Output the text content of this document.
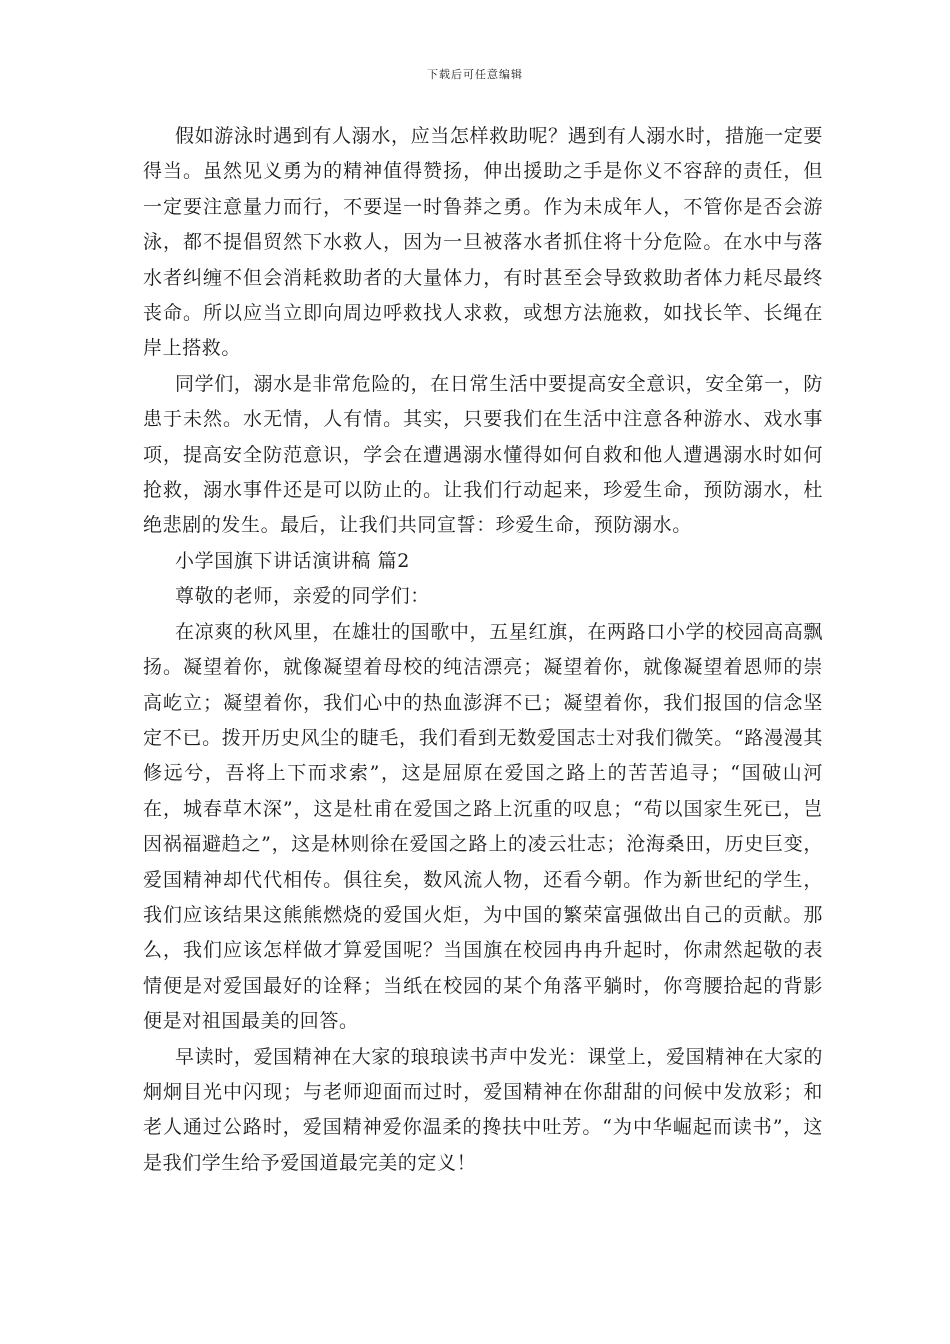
下载后可任意编辑

假如游泳时遇到有人溺水，应当怎样救助呢？遇到有人溺水时，措施一定要得当。虽然见义勇为的精神值得赞扬，伸出援助之手是你义不容辞的责任，但一定要注意量力而行，不要逞一时鲁莽之勇。作为未成年人，不管你是否会游泳，都不提倡贸然下水救人，因为一旦被落水者抓住将十分危险。在水中与落水者纠缠不但会消耗救助者的大量体力，有时甚至会导致救助者体力耗尽最终丧命。所以应当立即向周边呼救找人求救，或想方法施救，如找长竿、长绳在岸上搭救。

同学们，溺水是非常危险的，在日常生活中要提高安全意识，安全第一，防患于未然。水无情，人有情。其实，只要我们在生活中注意各种游水、戏水事项，提高安全防范意识，学会在遭遇溺水懂得如何自救和他人遭遇溺水时如何抢救，溺水事件还是可以防止的。让我们行动起来，珍爱生命，预防溺水，杜绝悲剧的发生。最后，让我们共同宣誓：珍爱生命，预防溺水。

小学国旗下讲话演讲稿 篇2

尊敬的老师，亲爱的同学们：

在凉爽的秋风里，在雄壮的国歌中，五星红旗，在两路口小学的校园高高飘扬。凝望着你，就像凝望着母校的纯洁漂亮；凝望着你，就像凝望着恩师的崇高屹立；凝望着你，我们心中的热血澎湃不已；凝望着你，我们报国的信念坚定不已。拨开历史风尘的睫毛，我们看到无数爱国志士对我们微笑。“路漫漫其修远兮，吾将上下而求索”，这是屈原在爱国之路上的苦苦追寻；“国破山河在，城春草木深”，这是杜甫在爱国之路上沉重的叹息；“苟以国家生死已，岂因祸福避趋之”，这是林则徐在爱国之路上的凌云壮志；沧海桑田，历史巨变，爱国精神却代代相传。俱往矣，数风流人物，还看今朝。作为新世纪的学生，我们应该结果这熊熊燃烧的爱国火炬，为中国的繁荣富强做出自己的贡献。那么，我们应该怎样做才算爱国呢？当国旗在校园冉冉升起时，你肃然起敬的表情便是对爱国最好的诠释；当纸在校园的某个角落平躺时，你弯腰拾起的背影便是对祖国最美的回答。

早读时，爱国精神在大家的琅琅读书声中发光：课堂上，爱国精神在大家的炯炯目光中闪现；与老师迎面而过时，爱国精神在你甜甜的问候中发放彩；和老人通过公路时，爱国精神爱你温柔的搀扶中吐芳。“为中华崛起而读书”，这是我们学生给予爱国道最完美的定义！
